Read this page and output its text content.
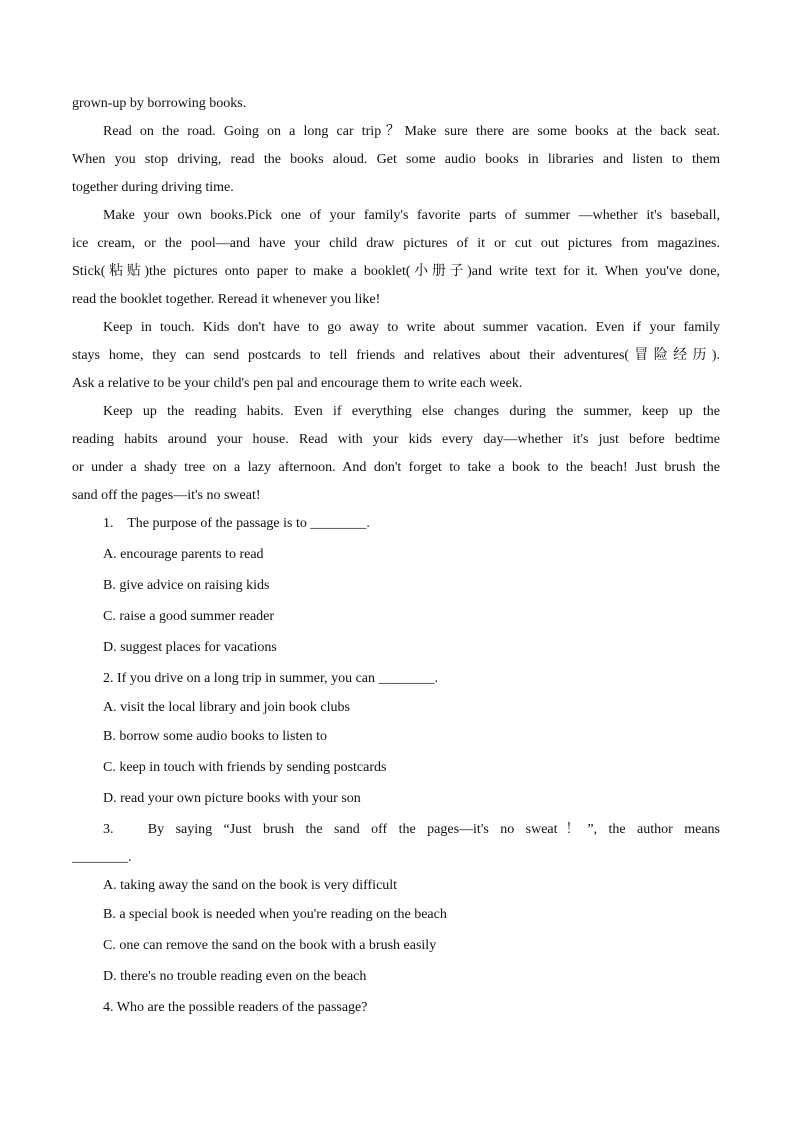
grown-up by borrowing books.
Read on the road. Going on a long car trip？Make sure there are some books at the back seat.
When you stop driving, read the books aloud. Get some audio books in libraries and listen to them
together during driving time.
Make your own books.Pick one of your family's favorite parts of summer —whether it's baseball,
ice cream, or the pool—and have your child draw pictures of it or cut out pictures from magazines.
Stick(粘贴)the pictures onto paper to make a booklet(小册子)and write text for it. When you've done,
read the booklet together. Reread it whenever you like!
Keep in touch. Kids don't have to go away to write about summer vacation. Even if your family
stays home, they can send postcards to tell friends and relatives about their adventures(冒险经历).
Ask a relative to be your child's pen pal and encourage them to write each week.
Keep up the reading habits. Even if everything else changes during the summer, keep up the
reading habits around your house. Read with your kids every day—whether it's just before bedtime
or under a shady tree on a lazy afternoon. And don't forget to take a book to the beach! Just brush the
sand off the pages—it's no sweat!
1. The purpose of the passage is to ________.
A. encourage parents to read
B. give advice on raising kids
C. raise a good summer reader
D. suggest places for vacations
2. If you drive on a long trip in summer, you can ________.
A. visit the local library and join book clubs
B. borrow some audio books to listen to
C. keep in touch with friends by sending postcards
D. read your own picture books with your son
3. By saying “Just brush the sand off the pages—it's no sweat！”, the author means
________.
A. taking away the sand on the book is very difficult
B. a special book is needed when you're reading on the beach
C. one can remove the sand on the book with a brush easily
D. there's no trouble reading even on the beach
4. Who are the possible readers of the passage?
